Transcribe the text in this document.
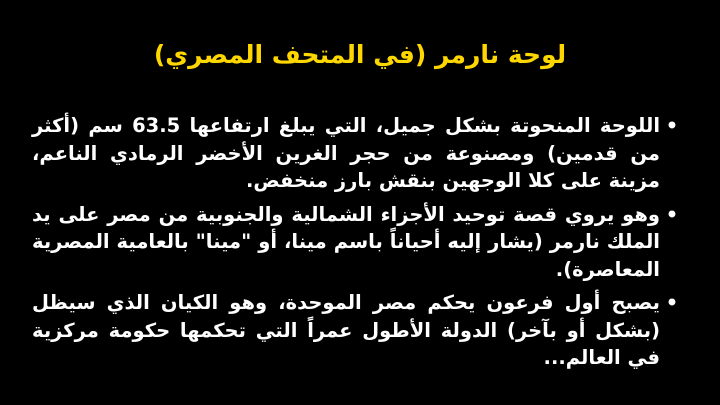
لوحة نارمر (في المتحف المصري)
•
اللوحة المنحوتة بشكل جميل، التي يبلغ ارتفاعها 63.5 سم (أكثر من قدمين) ومصنوعة من حجر الغرين الأخضر الرمادي الناعم، مزينة على كلا الوجهين بنقش بارز منخفض.
•
وهو يروي قصة توحيد الأجزاء الشمالية والجنوبية من مصر على يد الملك نارمر (يشار إليه أحياناً باسم مينا، أو "مينا" بالعامية المصرية المعاصرة).
•
يصبح أول فرعون يحكم مصر الموحدة، وهو الكيان الذي سيظل (بشكل أو بآخر) الدولة الأطول عمراً التي تحكمها حكومة مركزية في العالم...
